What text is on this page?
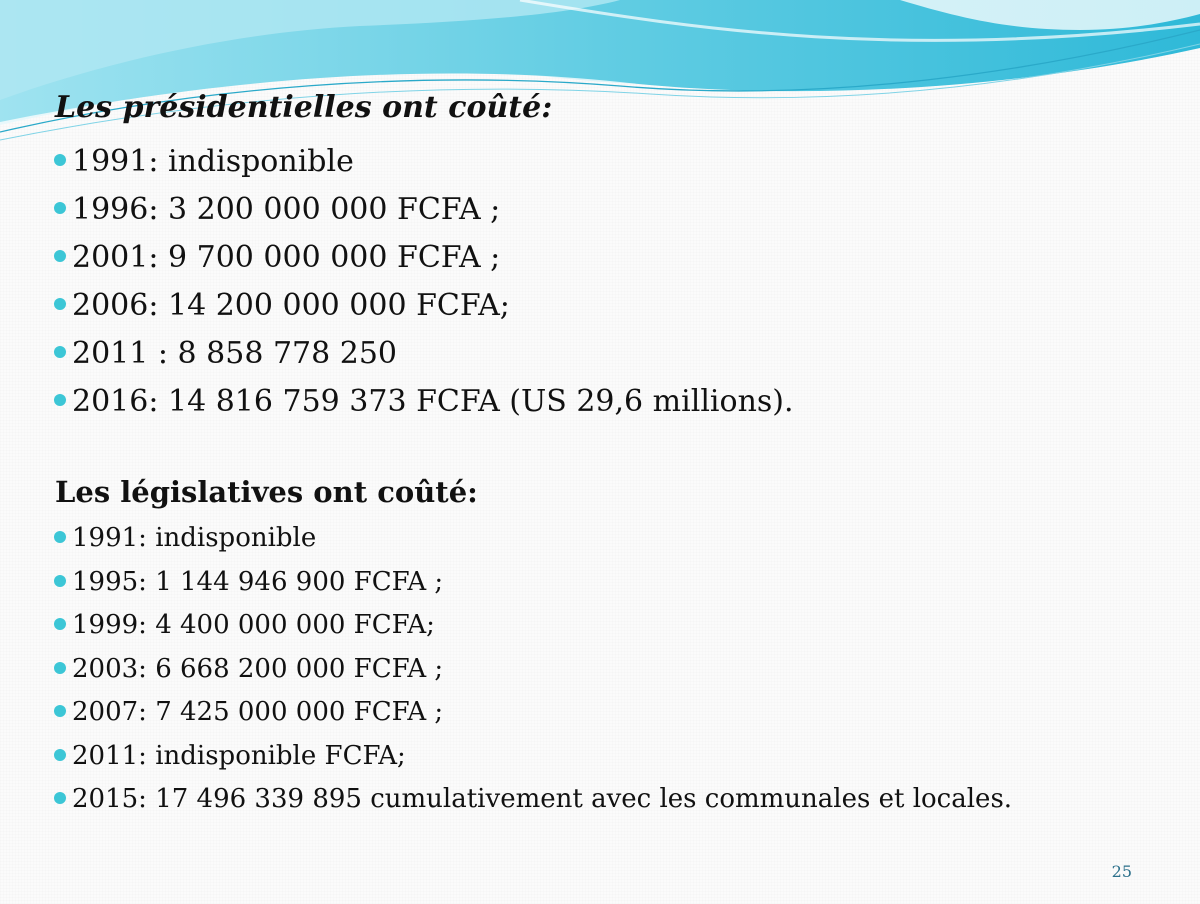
Les présidentielles ont coûté:
1991: indisponible
1996: 3 200 000 000 FCFA ;
2001: 9 700 000 000 FCFA ;
2006: 14 200 000 000 FCFA;
2011 : 8 858 778 250
2016: 14 816 759 373 FCFA (US 29,6 millions).
Les législatives ont coûté:
1991: indisponible
1995: 1 144 946 900 FCFA ;
1999: 4 400 000 000 FCFA;
2003: 6 668 200 000 FCFA ;
2007: 7 425 000 000 FCFA ;
2011: indisponible FCFA;
2015: 17 496 339 895 cumulativement avec les communales et locales.
25
